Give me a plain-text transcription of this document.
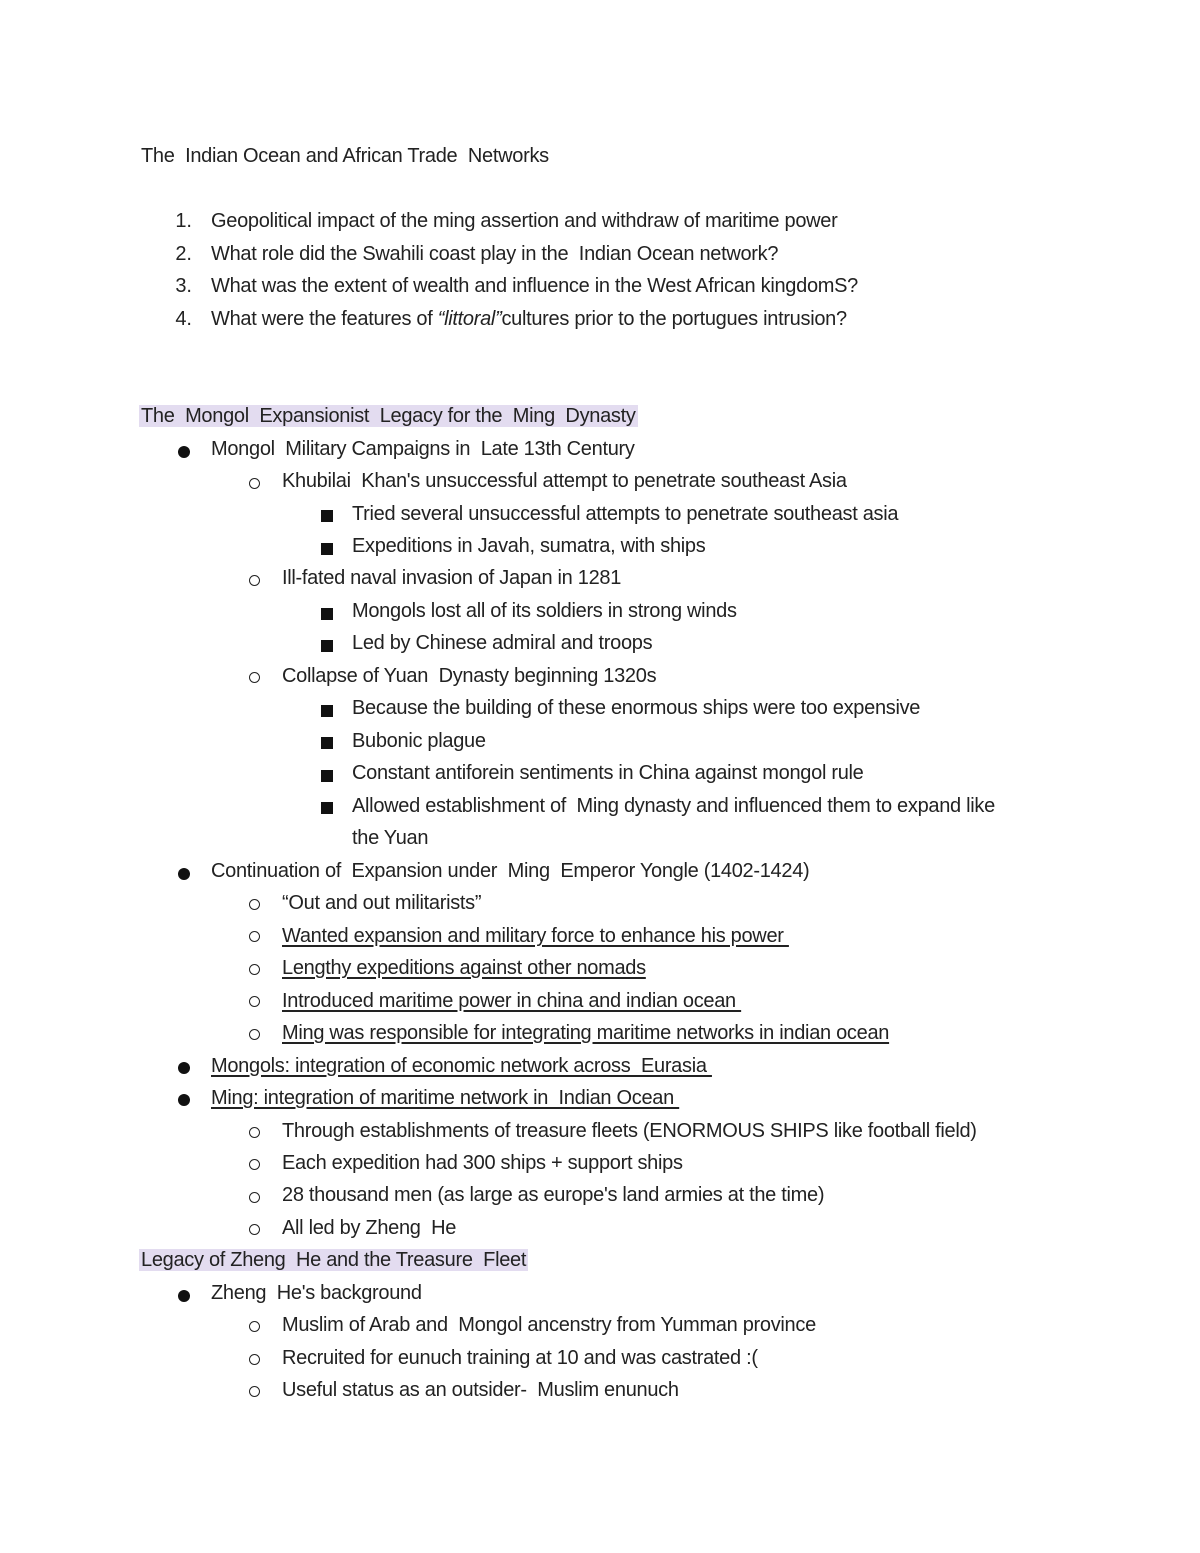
The  Indian Ocean and African Trade  Networks
1. Geopolitical impact of the ming assertion and withdraw of maritime power
2. What role did the Swahili coast play in the  Indian Ocean network?
3. What was the extent of wealth and influence in the West African kingdomS?
4. What were the features of “littoral”cultures prior to the portugues intrusion?
The  Mongol  Expansionist  Legacy for the  Ming  Dynasty
Mongol  Military Campaigns in  Late 13th Century
Khubilai  Khan's unsuccessful attempt to penetrate southeast Asia
Tried several unsuccessful attempts to penetrate southeast asia
Expeditions in Javah, sumatra, with ships
Ill-fated naval invasion of Japan in 1281
Mongols lost all of its soldiers in strong winds
Led by Chinese admiral and troops
Collapse of Yuan  Dynasty beginning 1320s
Because the building of these enormous ships were too expensive
Bubonic plague
Constant antiforein sentiments in China against mongol rule
Allowed establishment of  Ming dynasty and influenced them to expand like
the Yuan
Continuation of  Expansion under  Ming  Emperor Yongle (1402-1424)
“Out and out militarists”
Wanted expansion and military force to enhance his power
Lengthy expeditions against other nomads
Introduced maritime power in china and indian ocean
Ming was responsible for integrating maritime networks in indian ocean
Mongols: integration of economic network across  Eurasia
Ming: integration of maritime network in  Indian Ocean
Through establishments of treasure fleets (ENORMOUS SHIPS like football field)
Each expedition had 300 ships + support ships
28 thousand men (as large as europe's land armies at the time)
All led by Zheng  He
Legacy of Zheng  He and the Treasure  Fleet
Zheng  He's background
Muslim of Arab and  Mongol ancenstry from Yumman province
Recruited for eunuch training at 10 and was castrated :(
Useful status as an outsider-  Muslim enunuch
